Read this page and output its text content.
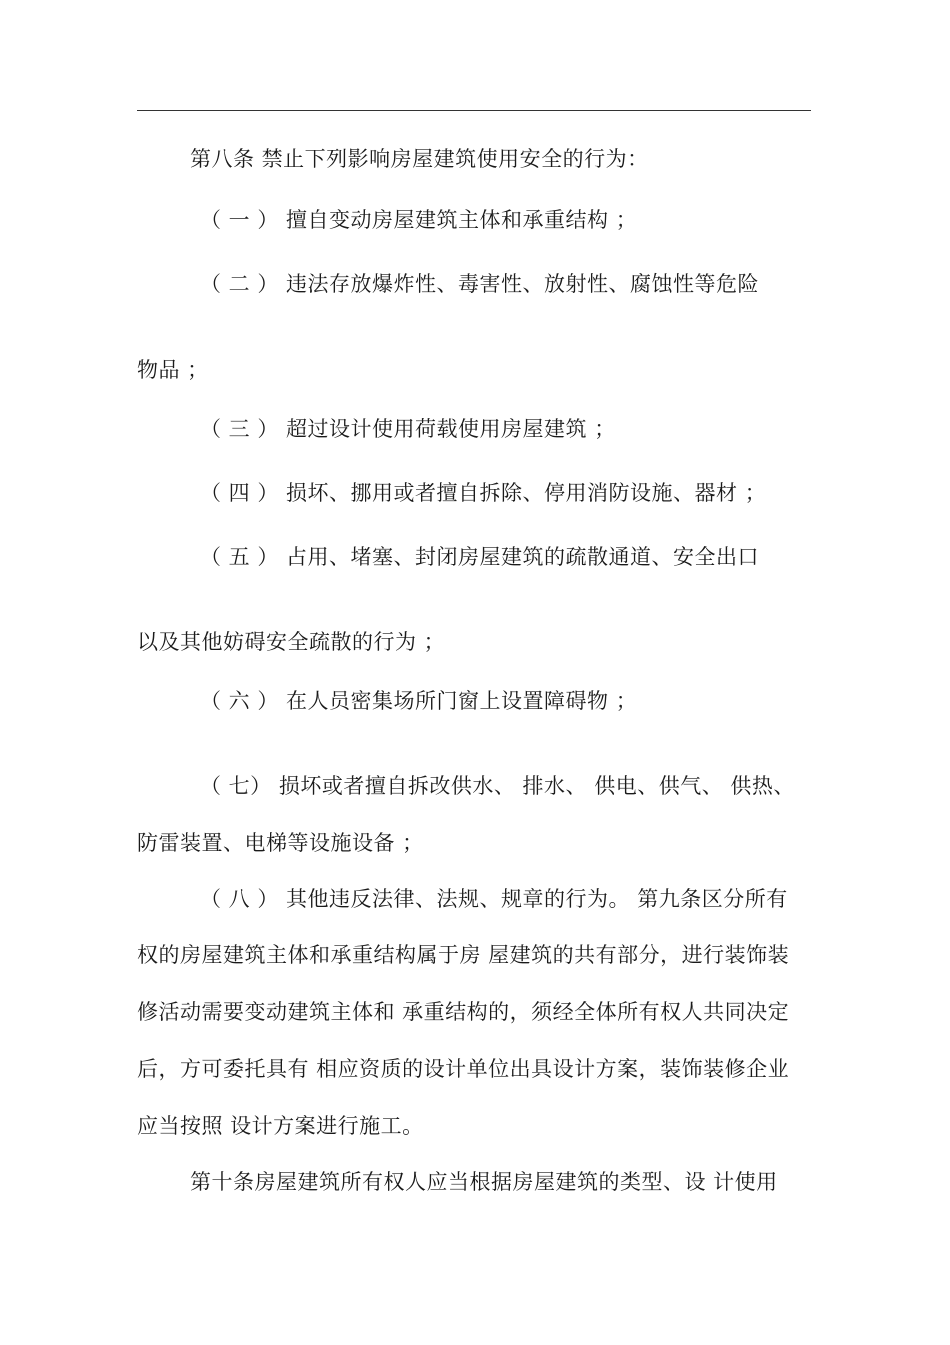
第八条 禁止下列影响房屋建筑使用安全的行为：
（ 一 ） 擅自变动房屋建筑主体和承重结构 ；
（ 二 ） 违法存放爆炸性、毒害性、放射性、腐蚀性等危险
物品 ；
（ 三 ） 超过设计使用荷载使用房屋建筑 ；
（ 四 ） 损坏、挪用或者擅自拆除、停用消防设施、器材 ；
（ 五 ） 占用、堵塞、封闭房屋建筑的疏散通道、安全出口
以及其他妨碍安全疏散的行为 ；
（ 六 ） 在人员密集场所门窗上设置障碍物 ；
（ 七） 损坏或者擅自拆改供水、 排水、 供电、供气、 供热、
防雷装置、电梯等设施设备 ；
（ 八 ） 其他违反法律、法规、规章的行为。 第九条区分所有
权的房屋建筑主体和承重结构属于房 屋建筑的共有部分，进行装饰装
修活动需要变动建筑主体和 承重结构的，须经全体所有权人共同决定
后，方可委托具有 相应资质的设计单位出具设计方案，装饰装修企业
应当按照 设计方案进行施工。
第十条房屋建筑所有权人应当根据房屋建筑的类型、设 计使用
